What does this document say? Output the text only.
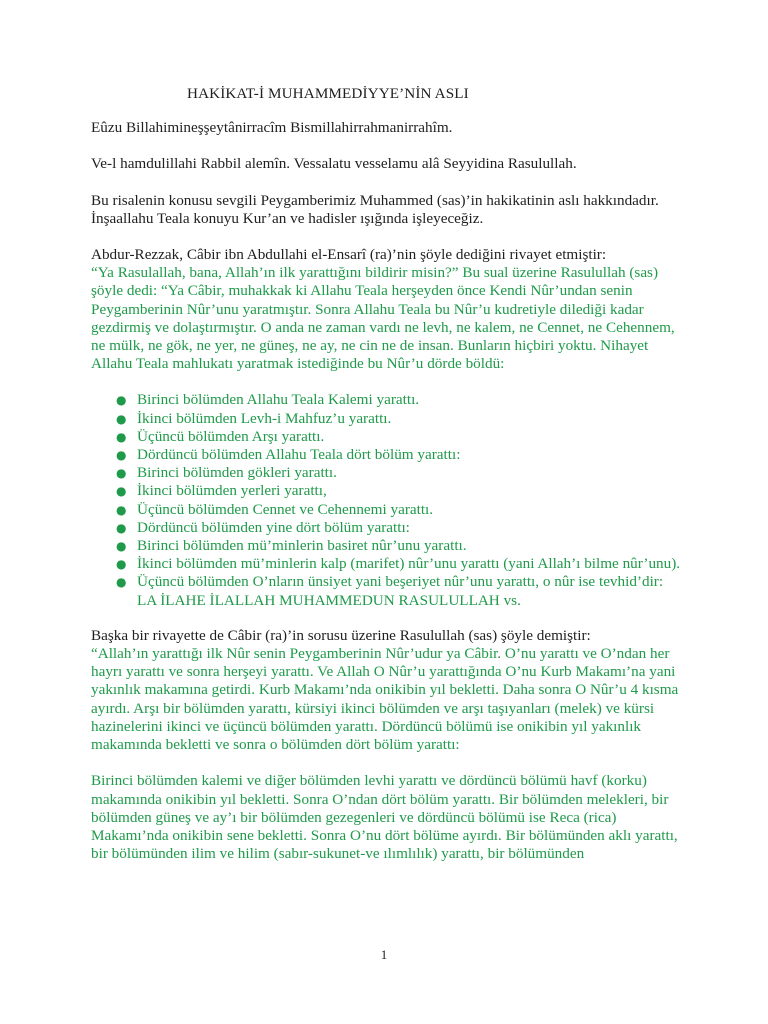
HAKİKAT-İ MUHAMMEDİYYE’NİN ASLI

Eûzu Billahimineşşeytânirracîm Bismillahirrahmanirrahîm.

Ve-l hamdulillahi Rabbil alemîn. Vessalatu vesselamu alâ Seyyidina Rasulullah.

Bu risalenin konusu sevgili Peygamberimiz Muhammed (sas)’in hakikatinin aslı hakkındadır. İnşaallahu Teala konuyu Kur’an ve hadisler ışığında işleyeceğiz.

Abdur-Rezzak, Câbir ibn Abdullahi el-Ensarî (ra)’nin şöyle dediğini rivayet etmiştir:
“Ya Rasulallah, bana, Allah’ın ilk yarattığını bildirir misin?” Bu sual üzerine Rasulullah (sas) şöyle dedi: “Ya Câbir, muhakkak ki Allahu Teala herşeyden önce Kendi Nûr’undan senin Peygamberinin Nûr’unu yaratmıştır. Sonra Allahu Teala bu Nûr’u kudretiyle dilediği kadar gezdirmiş ve dolaştırmıştır. O anda ne zaman vardı ne levh, ne kalem, ne Cennet, ne Cehennem, ne mülk, ne gök, ne yer, ne güneş, ne ay, ne cin ne de insan. Bunların hiçbiri yoktu. Nihayet Allahu Teala mahlukatı yaratmak istediğinde bu Nûr’u dörde böldü:

● Birinci bölümden Allahu Teala Kalemi yarattı.
● İkinci bölümden Levh-i Mahfuz’u yarattı.
● Üçüncü bölümden Arşı yarattı.
● Dördüncü bölümden Allahu Teala dört bölüm yarattı:
● Birinci bölümden gökleri yarattı.
● İkinci bölümden yerleri yarattı,
● Üçüncü bölümden Cennet ve Cehennemi yarattı.
● Dördüncü bölümden yine dört bölüm yarattı:
● Birinci bölümden mü’minlerin basiret nûr’unu yarattı.
● İkinci bölümden mü’minlerin kalp (marifet) nûr’unu yarattı (yani Allah’ı bilme nûr’unu).
● Üçüncü bölümden O’nların ünsiyet yani beşeriyet nûr’unu yarattı, o nûr ise tevhid’dir: LA İLAHE İLALLAH MUHAMMEDUN RASULULLAH vs.

Başka bir rivayette de Câbir (ra)’in sorusu üzerine Rasulullah (sas) şöyle demiştir:
“Allah’ın yarattığı ilk Nûr senin Peygamberinin Nûr’udur ya Câbir. O’nu yarattı ve O’ndan her hayrı yarattı ve sonra herşeyi yarattı. Ve Allah O Nûr’u yarattığında O’nu Kurb Makamı’na yani yakınlık makamına getirdi. Kurb Makamı’nda onikibin yıl bekletti. Daha sonra O Nûr’u 4 kısma ayırdı. Arşı bir bölümden yarattı, kürsiyi ikinci bölümden ve arşı taşıyanları (melek) ve kürsi hazinelerini ikinci ve üçüncü bölümden yarattı. Dördüncü bölümü ise onikibin yıl yakınlık makamında bekletti ve sonra o bölümden dört bölüm yarattı:

Birinci bölümden kalemi ve diğer bölümden levhi yarattı ve dördüncü bölümü havf (korku) makamında onikibin yıl bekletti. Sonra O’ndan dört bölüm yarattı. Bir bölümden melekleri, bir bölümden güneş ve ay’ı bir bölümden gezegenleri ve dördüncü bölümü ise Reca (rica) Makamı’nda onikibin sene bekletti. Sonra O’nu dört bölüme ayırdı. Bir bölümünden aklı yarattı, bir bölümünden ilim ve hilim (sabır-sukunet-ve ılımlılık) yarattı, bir bölümünden

1
